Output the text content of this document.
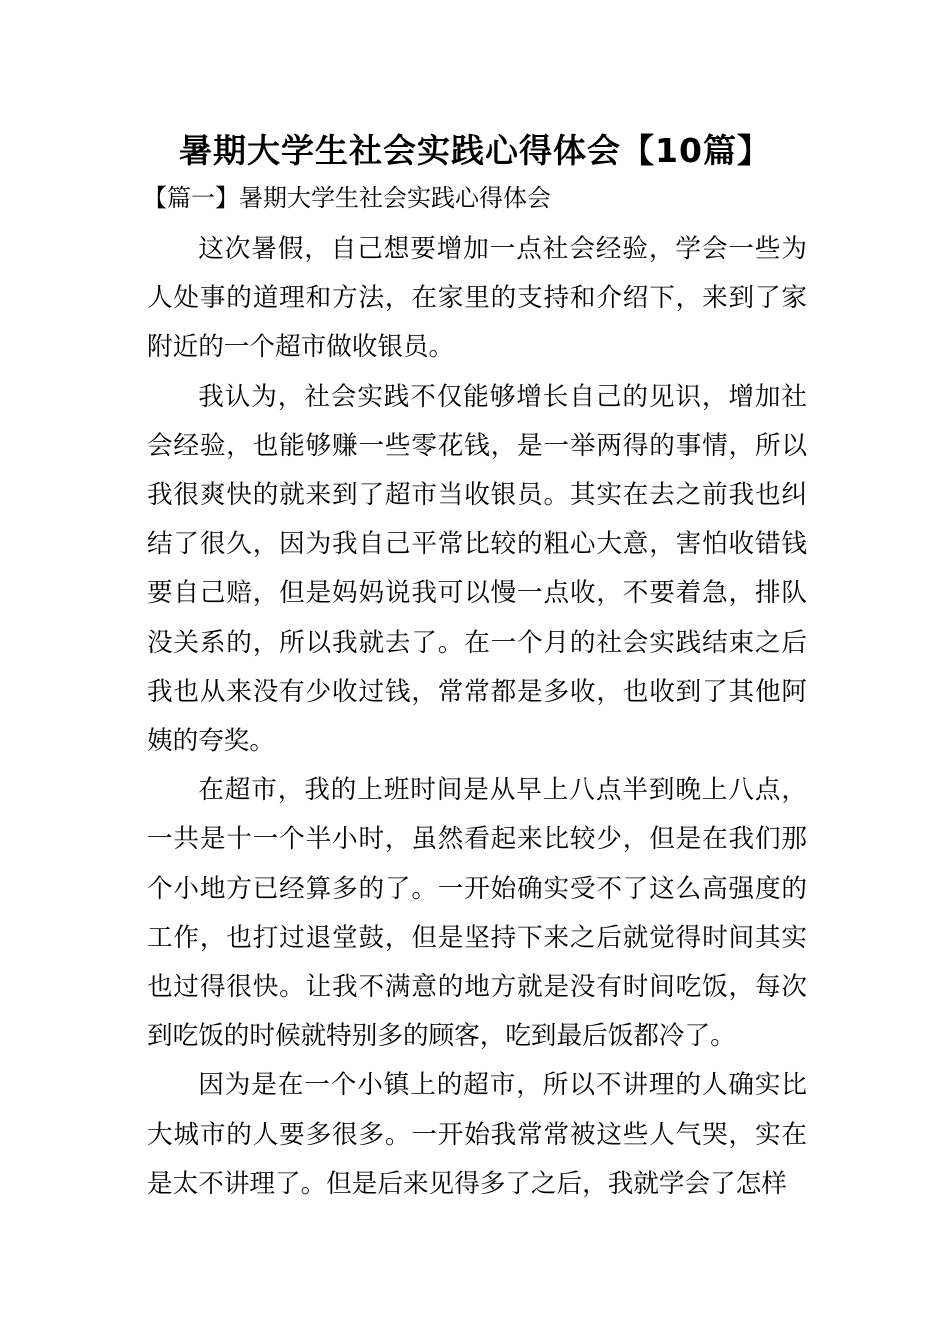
暑期大学生社会实践心得体会【10篇】
【篇一】暑期大学生社会实践心得体会

这次暑假，自己想要增加一点社会经验，学会一些为人处事的道理和方法，在家里的支持和介绍下，来到了家附近的一个超市做收银员。

我认为，社会实践不仅能够增长自己的见识，增加社会经验，也能够赚一些零花钱，是一举两得的事情，所以我很爽快的就来到了超市当收银员。其实在去之前我也纠结了很久，因为我自己平常比较的粗心大意，害怕收错钱要自己赔，但是妈妈说我可以慢一点收，不要着急，排队没关系的，所以我就去了。在一个月的社会实践结束之后我也从来没有少收过钱，常常都是多收，也收到了其他阿姨的夸奖。

在超市，我的上班时间是从早上八点半到晚上八点，一共是十一个半小时，虽然看起来比较少，但是在我们那个小地方已经算多的了。一开始确实受不了这么高强度的工作，也打过退堂鼓，但是坚持下来之后就觉得时间其实也过得很快。让我不满意的地方就是没有时间吃饭，每次到吃饭的时候就特别多的顾客，吃到最后饭都冷了。

因为是在一个小镇上的超市，所以不讲理的人确实比大城市的人要多很多。一开始我常常被这些人气哭，实在是太不讲理了。但是后来见得多了之后，我就学会了怎样
